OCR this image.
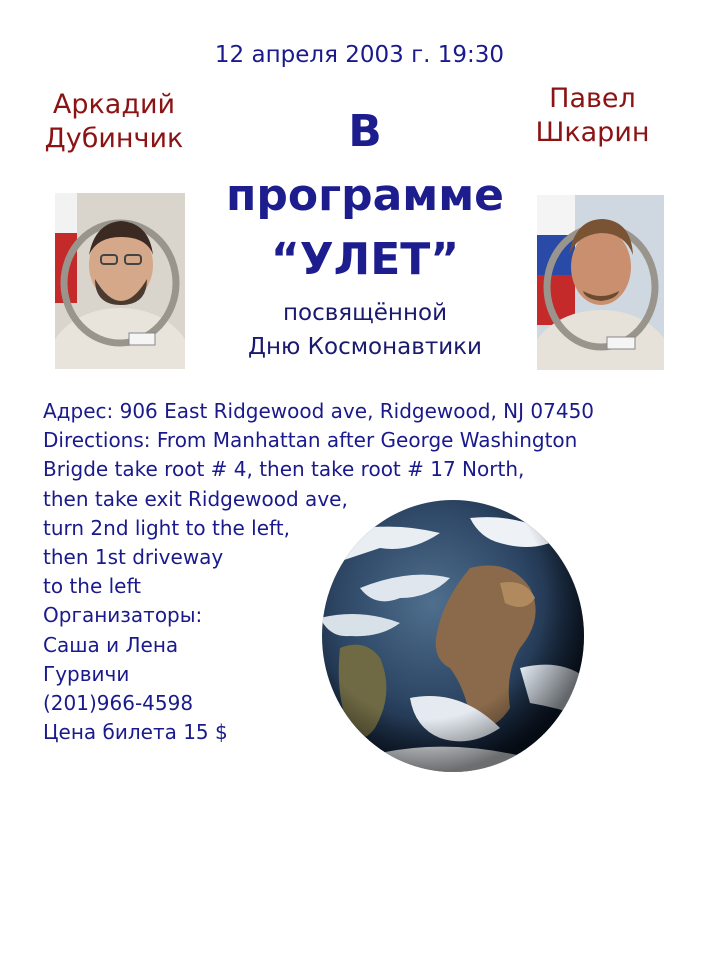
12 апреля 2003 г. 19:30
Аркадий
Дубинчик
Павел
Шкарин
В
программе
“УЛЕТ”
посвящённой
Дню Космонавтики
Адрес: 906 East Ridgewood ave, Ridgewood, NJ 07450
Directions: From Manhattan after George Washington
Brigde take root # 4, then take root # 17 North,
then take exit Ridgewood ave,
turn 2nd light to the left,
then 1st driveway
to the left
Организаторы:
Саша и Лена
Гурвичи
(201)966-4598
Цена билета 15 $
